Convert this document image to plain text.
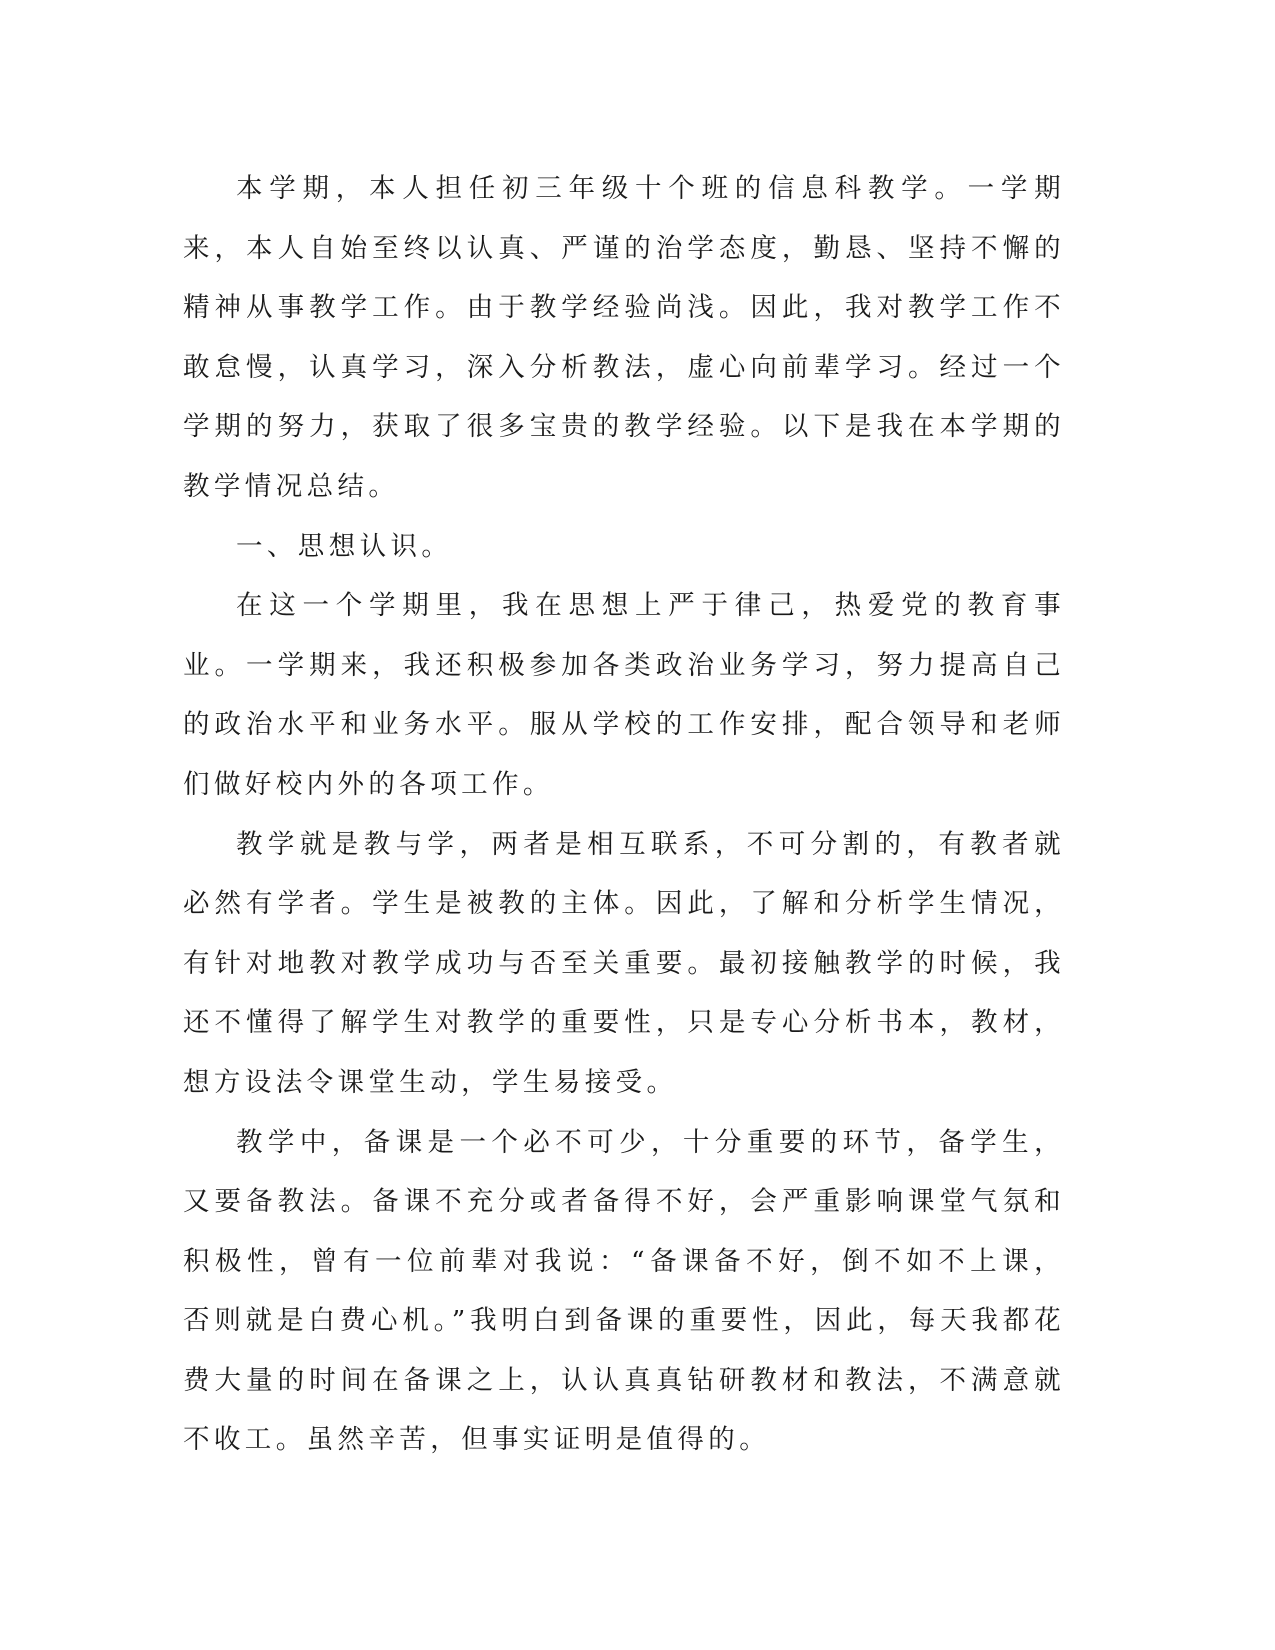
本学期，本人担任初三年级十个班的信息科教学。一学期来，本人自始至终以认真、严谨的治学态度，勤恳、坚持不懈的精神从事教学工作。由于教学经验尚浅。因此，我对教学工作不敢怠慢，认真学习，深入分析教法，虚心向前辈学习。经过一个学期的努力，获取了很多宝贵的教学经验。以下是我在本学期的教学情况总结。

一、思想认识。

在这一个学期里，我在思想上严于律己，热爱党的教育事业。一学期来，我还积极参加各类政治业务学习，努力提高自己的政治水平和业务水平。服从学校的工作安排，配合领导和老师们做好校内外的各项工作。

教学就是教与学，两者是相互联系，不可分割的，有教者就必然有学者。学生是被教的主体。因此，了解和分析学生情况，有针对地教对教学成功与否至关重要。最初接触教学的时候，我还不懂得了解学生对教学的重要性，只是专心分析书本，教材，想方设法令课堂生动，学生易接受。

教学中，备课是一个必不可少，十分重要的环节，备学生，又要备教法。备课不充分或者备得不好，会严重影响课堂气氛和积极性，曾有一位前辈对我说：“备课备不好，倒不如不上课，否则就是白费心机。”我明白到备课的重要性，因此，每天我都花费大量的时间在备课之上，认认真真钻研教材和教法，不满意就不收工。虽然辛苦，但事实证明是值得的。
